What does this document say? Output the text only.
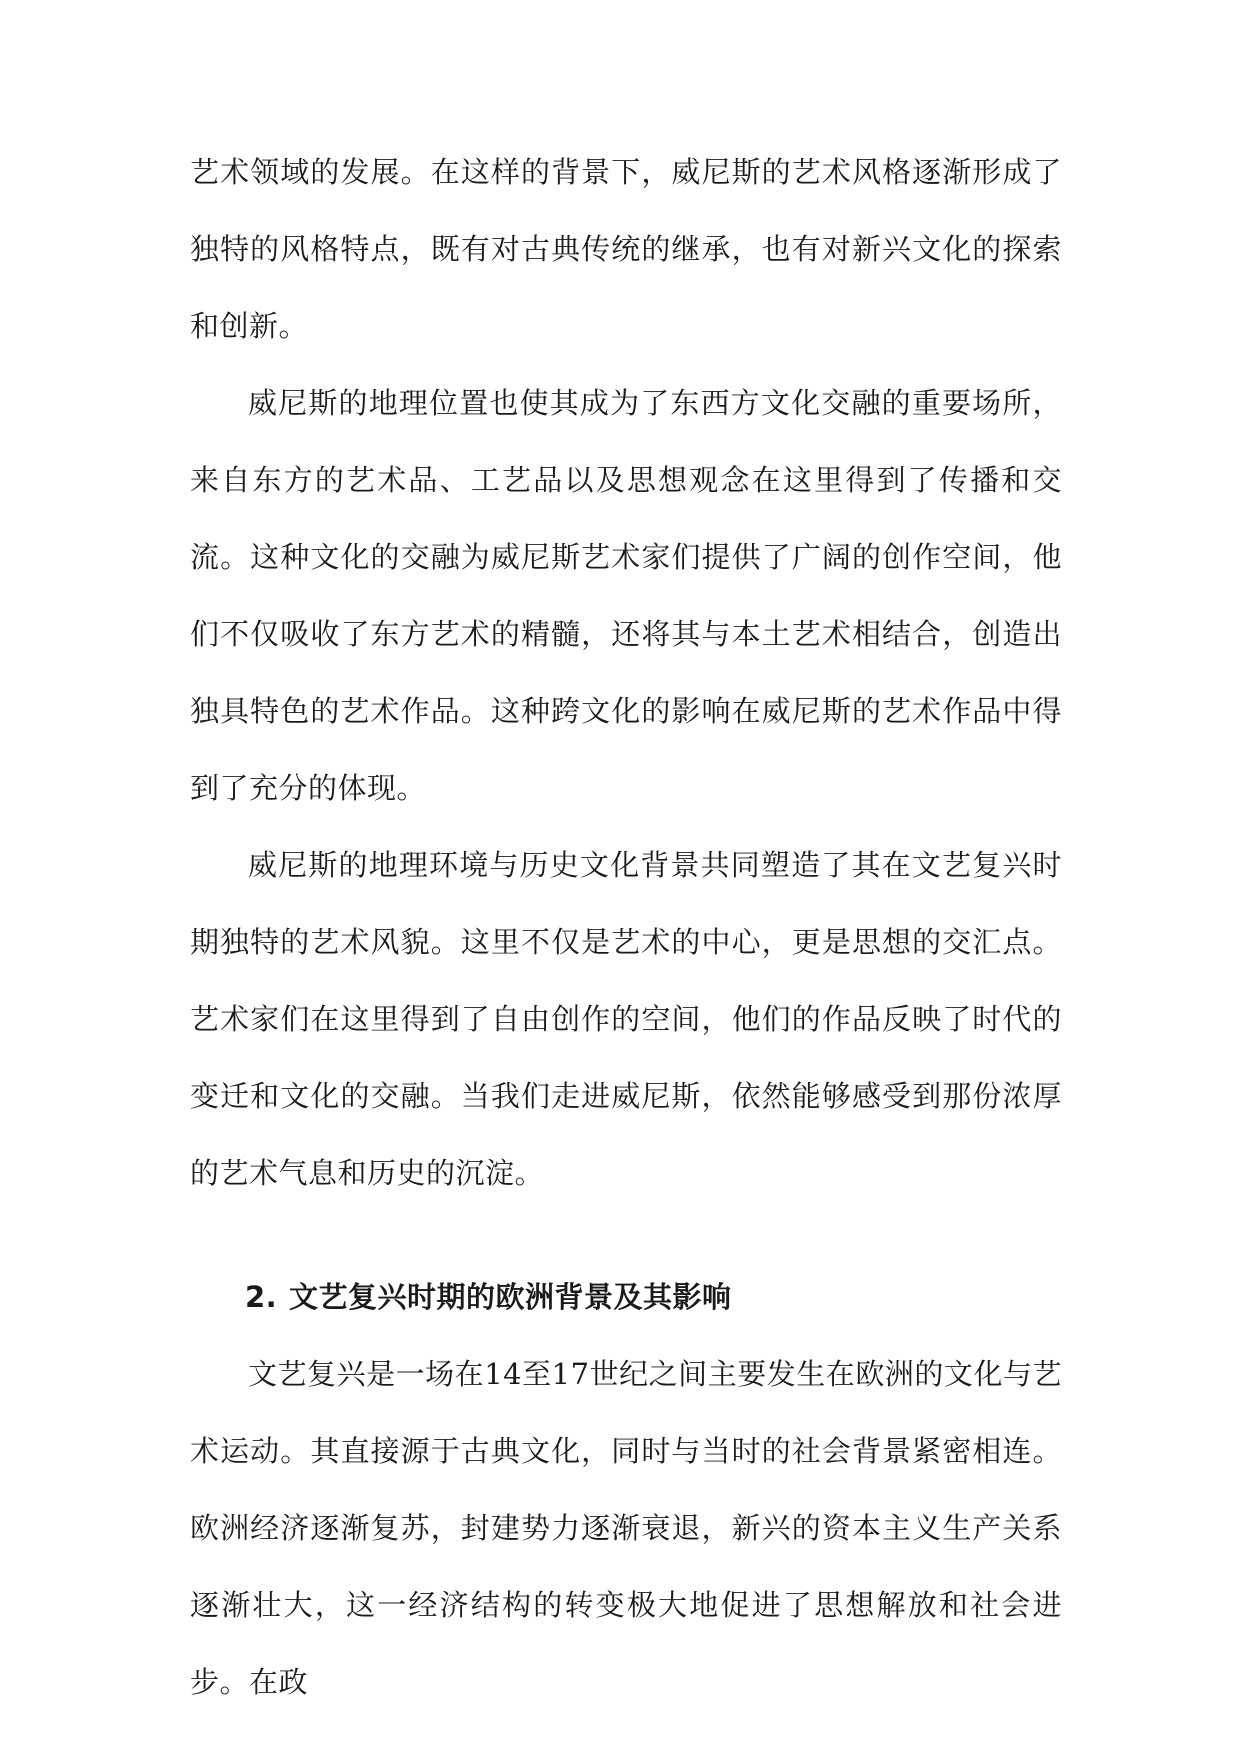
艺术领域的发展。在这样的背景下，威尼斯的艺术风格逐渐形成了独特的风格特点，既有对古典传统的继承，也有对新兴文化的探索和创新。

威尼斯的地理位置也使其成为了东西方文化交融的重要场所，来自东方的艺术品、工艺品以及思想观念在这里得到了传播和交流。这种文化的交融为威尼斯艺术家们提供了广阔的创作空间，他们不仅吸收了东方艺术的精髓，还将其与本土艺术相结合，创造出独具特色的艺术作品。这种跨文化的影响在威尼斯的艺术作品中得到了充分的体现。

威尼斯的地理环境与历史文化背景共同塑造了其在文艺复兴时期独特的艺术风貌。这里不仅是艺术的中心，更是思想的交汇点。艺术家们在这里得到了自由创作的空间，他们的作品反映了时代的变迁和文化的交融。当我们走进威尼斯，依然能够感受到那份浓厚的艺术气息和历史的沉淀。

2. 文艺复兴时期的欧洲背景及其影响

文艺复兴是一场在14至17世纪之间主要发生在欧洲的文化与艺术运动。其直接源于古典文化，同时与当时的社会背景紧密相连。欧洲经济逐渐复苏，封建势力逐渐衰退，新兴的资本主义生产关系逐渐壮大，这一经济结构的转变极大地促进了思想解放和社会进步。在政
